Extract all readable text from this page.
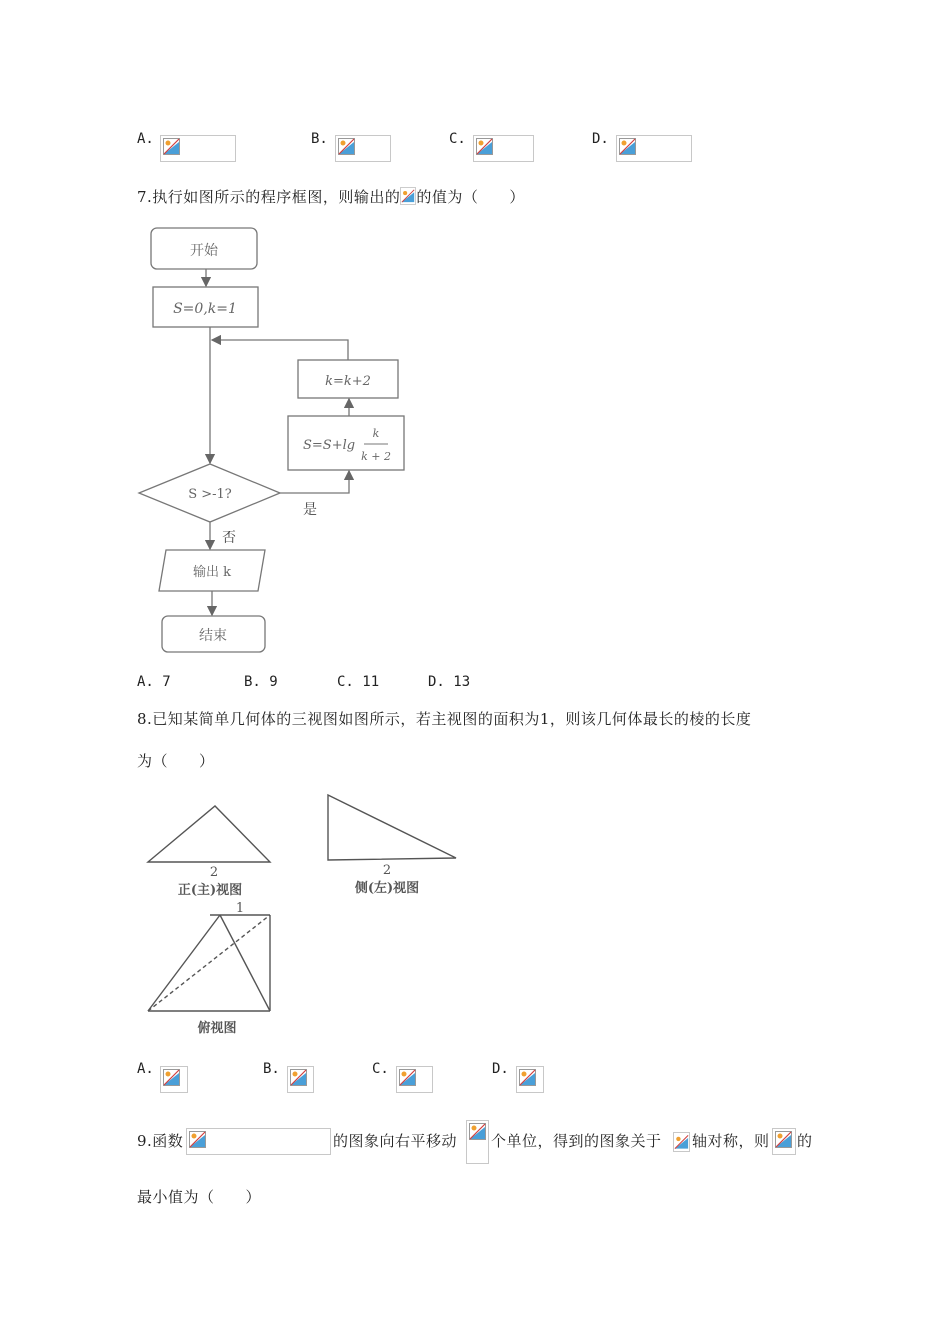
A.	B.	C.	D.
7.执行如图所示的程序框图，则输出的 的值为（　　）
开始
S=0,k=1
k=k+2
S=S+lg
k
k + 2
S >-1?
是
否
输出 k
结束
A. 7	B. 9	C. 11	D. 13
8.已知某简单几何体的三视图如图所示，若主视图的面积为1，则该几何体最长的棱的长度
为（　　）
2
正(主)视图
2
侧(左)视图
1
俯视图
A.	B.	C.	D.
9.函数	的图象向右平移动 个单位，得到的图象关于 轴对称，则 的
最小值为（　　）
